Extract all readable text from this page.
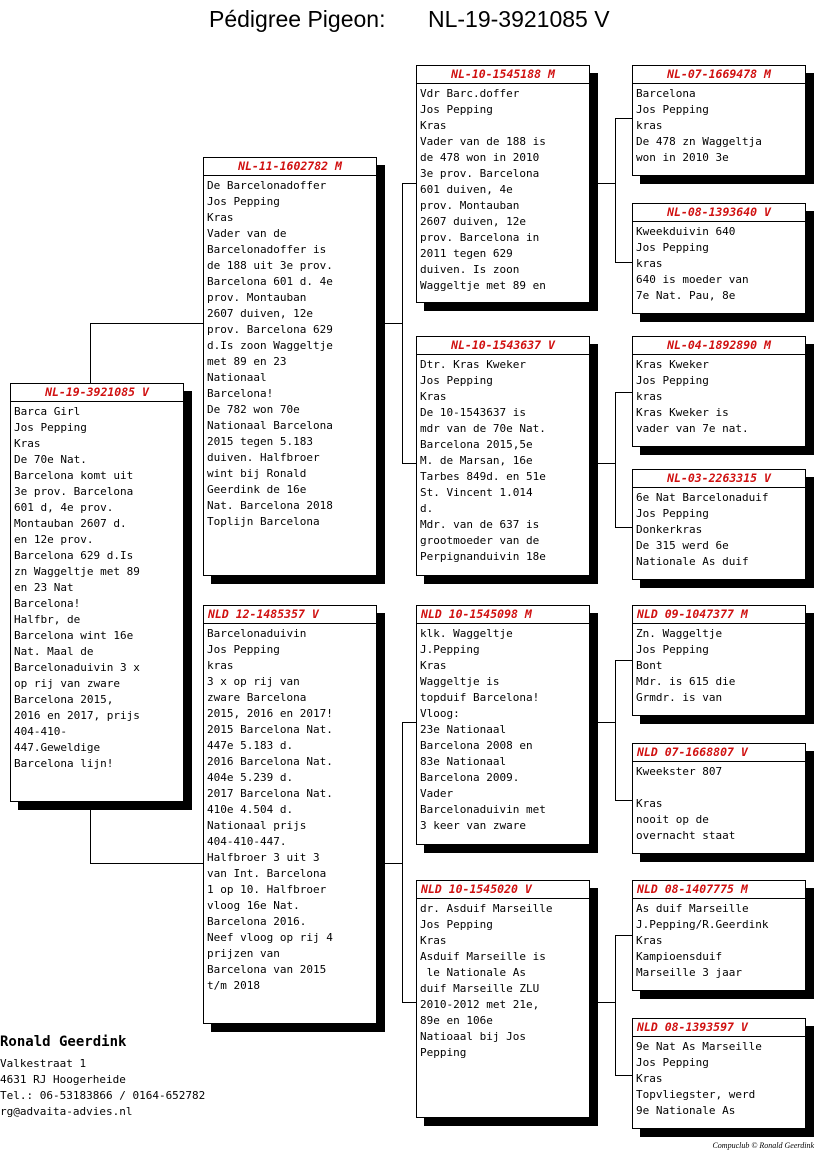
Pédigree Pigeon: NL-19-3921085 V
NL-19-3921085 V
Barca Girl
Jos Pepping
Kras
De 70e Nat.
Barcelona komt uit
3e prov. Barcelona
601 d, 4e prov.
Montauban 2607 d.
en 12e prov.
Barcelona 629 d.Is
zn Waggeltje met 89
en 23 Nat
Barcelona!
Halfbr, de
Barcelona wint 16e
Nat. Maal de
Barcelonaduivin 3 x
op rij van zware
Barcelona 2015,
2016 en 2017, prijs
404-410-
447.Geweldige
Barcelona lijn!
NL-11-1602782 M
De Barcelonadoffer
Jos Pepping
Kras
Vader van de
Barcelonadoffer is
de 188 uit 3e prov.
Barcelona 601 d. 4e
prov. Montauban
2607 duiven, 12e
prov. Barcelona 629
d.Is zoon Waggeltje
met 89 en 23
Nationaal
Barcelona!
De 782 won 70e
Nationaal Barcelona
2015 tegen 5.183
duiven. Halfbroer
wint bij Ronald
Geerdink de 16e
Nat. Barcelona 2018
Toplijn Barcelona
NLD 12-1485357 V
Barcelonaduivin
Jos Pepping
kras
3 x op rij van
zware Barcelona
2015, 2016 en 2017!
2015 Barcelona Nat.
447e 5.183 d.
2016 Barcelona Nat.
404e 5.239 d.
2017 Barcelona Nat.
410e 4.504 d.
Nationaal prijs
404-410-447.
Halfbroer 3 uit 3
van Int. Barcelona
1 op 10. Halfbroer
vloog 16e Nat.
Barcelona 2016.
Neef vloog op rij 4
prijzen van
Barcelona van 2015
t/m 2018
NL-10-1545188 M
Vdr Barc.doffer
Jos Pepping
Kras
Vader van de 188 is
de 478 won in 2010
3e prov. Barcelona
601 duiven, 4e
prov. Montauban
2607 duiven, 12e
prov. Barcelona in
2011 tegen 629
duiven. Is zoon
Waggeltje met 89 en
NL-10-1543637 V
Dtr. Kras Kweker
Jos Pepping
Kras
De 10-1543637 is
mdr van de 70e Nat.
Barcelona 2015,5e
M. de Marsan, 16e
Tarbes 849d. en 51e
St. Vincent 1.014
d.
Mdr. van de 637 is
grootmoeder van de
Perpignanduivin 18e
NLD 10-1545098 M
klk. Waggeltje
J.Pepping
Kras
Waggeltje is
topduif Barcelona!
Vloog:
23e Nationaal
Barcelona 2008 en
83e Nationaal
Barcelona 2009.
Vader
Barcelonaduivin met
3 keer van zware
NLD 10-1545020 V
dr. Asduif Marseille
Jos Pepping
Kras
Asduif Marseille is
le Nationale As
duif Marseille ZLU
2010-2012 met 21e,
89e en 106e
Natioaal bij Jos
Pepping
NL-07-1669478 M
Barcelona
Jos Pepping
kras
De 478 zn Waggeltja
won in 2010 3e
NL-08-1393640 V
Kweekduivin 640
Jos Pepping
kras
640 is moeder van
7e Nat. Pau, 8e
NL-04-1892890 M
Kras Kweker
Jos Pepping
kras
Kras Kweker is
vader van 7e nat.
NL-03-2263315 V
6e Nat Barcelonaduif
Jos Pepping
Donkerkras
De 315 werd 6e
Nationale As duif
NLD 09-1047377 M
Zn. Waggeltje
Jos Pepping
Bont
Mdr. is 615 die
Grmdr. is van
NLD 07-1668807 V
Kweekster 807

Kras
nooit op de
overnacht staat
NLD 08-1407775 M
As duif Marseille
J.Pepping/R.Geerdink
Kras
Kampioensduif
Marseille 3 jaar
NLD 08-1393597 V
9e Nat As Marseille
Jos Pepping
Kras
Topvliegster, werd
9e Nationale As
Ronald Geerdink
Valkestraat 1
4631 RJ Hoogerheide
Tel.: 06-53183866 / 0164-652782
rg@advaita-advies.nl
Compuclub © Ronald Geerdink
